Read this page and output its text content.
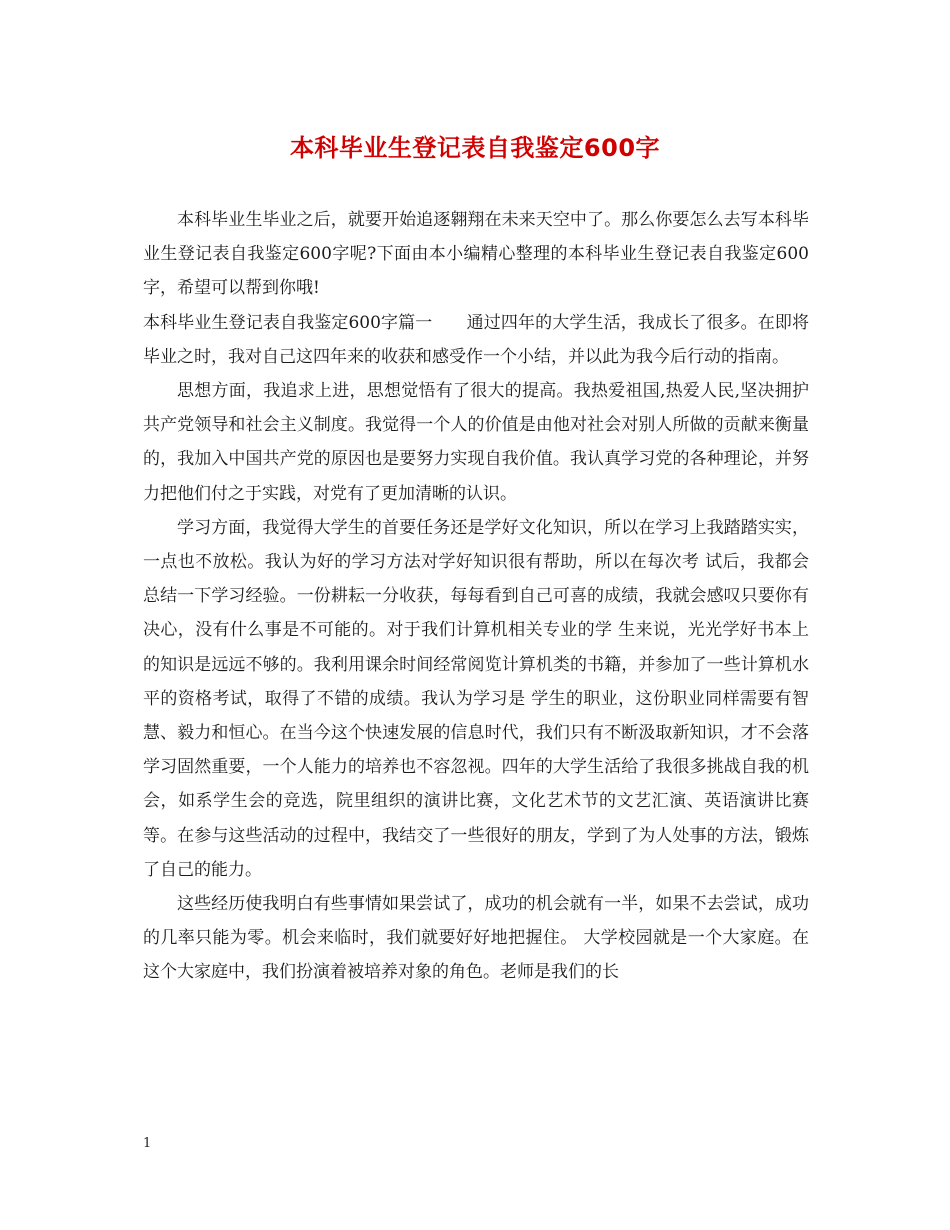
本科毕业生登记表自我鉴定600字

本科毕业生毕业之后，就要开始追逐翱翔在未来天空中了。那么你要怎么去写本科毕业生登记表自我鉴定600字呢?下面由本小编精心整理的本科毕业生登记表自我鉴定600字，希望可以帮到你哦!

本科毕业生登记表自我鉴定600字篇一　　通过四年的大学生活，我成长了很多。在即将毕业之时，我对自己这四年来的收获和感受作一个小结，并以此为我今后行动的指南。

思想方面，我追求上进，思想觉悟有了很大的提高。我热爱祖国,热爱人民,坚决拥护共产党领导和社会主义制度。我觉得一个人的价值是由他对社会对别人所做的贡献来衡量的，我加入中国共产党的原因也是要努力实现自我价值。我认真学习党的各种理论，并努力把他们付之于实践，对党有了更加清晰的认识。

学习方面，我觉得大学生的首要任务还是学好文化知识，所以在学习上我踏踏实实，一点也不放松。我认为好的学习方法对学好知识很有帮助，所以在每次考 试后，我都会总结一下学习经验。一份耕耘一分收获，每每看到自己可喜的成绩，我就会感叹只要你有决心，没有什么事是不可能的。对于我们计算机相关专业的学 生来说，光光学好书本上的知识是远远不够的。我利用课余时间经常阅览计算机类的书籍，并参加了一些计算机水平的资格考试，取得了不错的成绩。我认为学习是 学生的职业，这份职业同样需要有智慧、毅力和恒心。在当今这个快速发展的信息时代，我们只有不断汲取新知识，才不会落 学习固然重要，一个人能力的培养也不容忽视。四年的大学生活给了我很多挑战自我的机会，如系学生会的竞选，院里组织的演讲比赛，文化艺术节的文艺汇演、英语演讲比赛等。在参与这些活动的过程中，我结交了一些很好的朋友，学到了为人处事的方法，锻炼了自己的能力。

这些经历使我明白有些事情如果尝试了，成功的机会就有一半，如果不去尝试，成功的几率只能为零。机会来临时，我们就要好好地把握住。 大学校园就是一个大家庭。在这个大家庭中，我们扮演着被培养对象的角色。老师是我们的长

1
